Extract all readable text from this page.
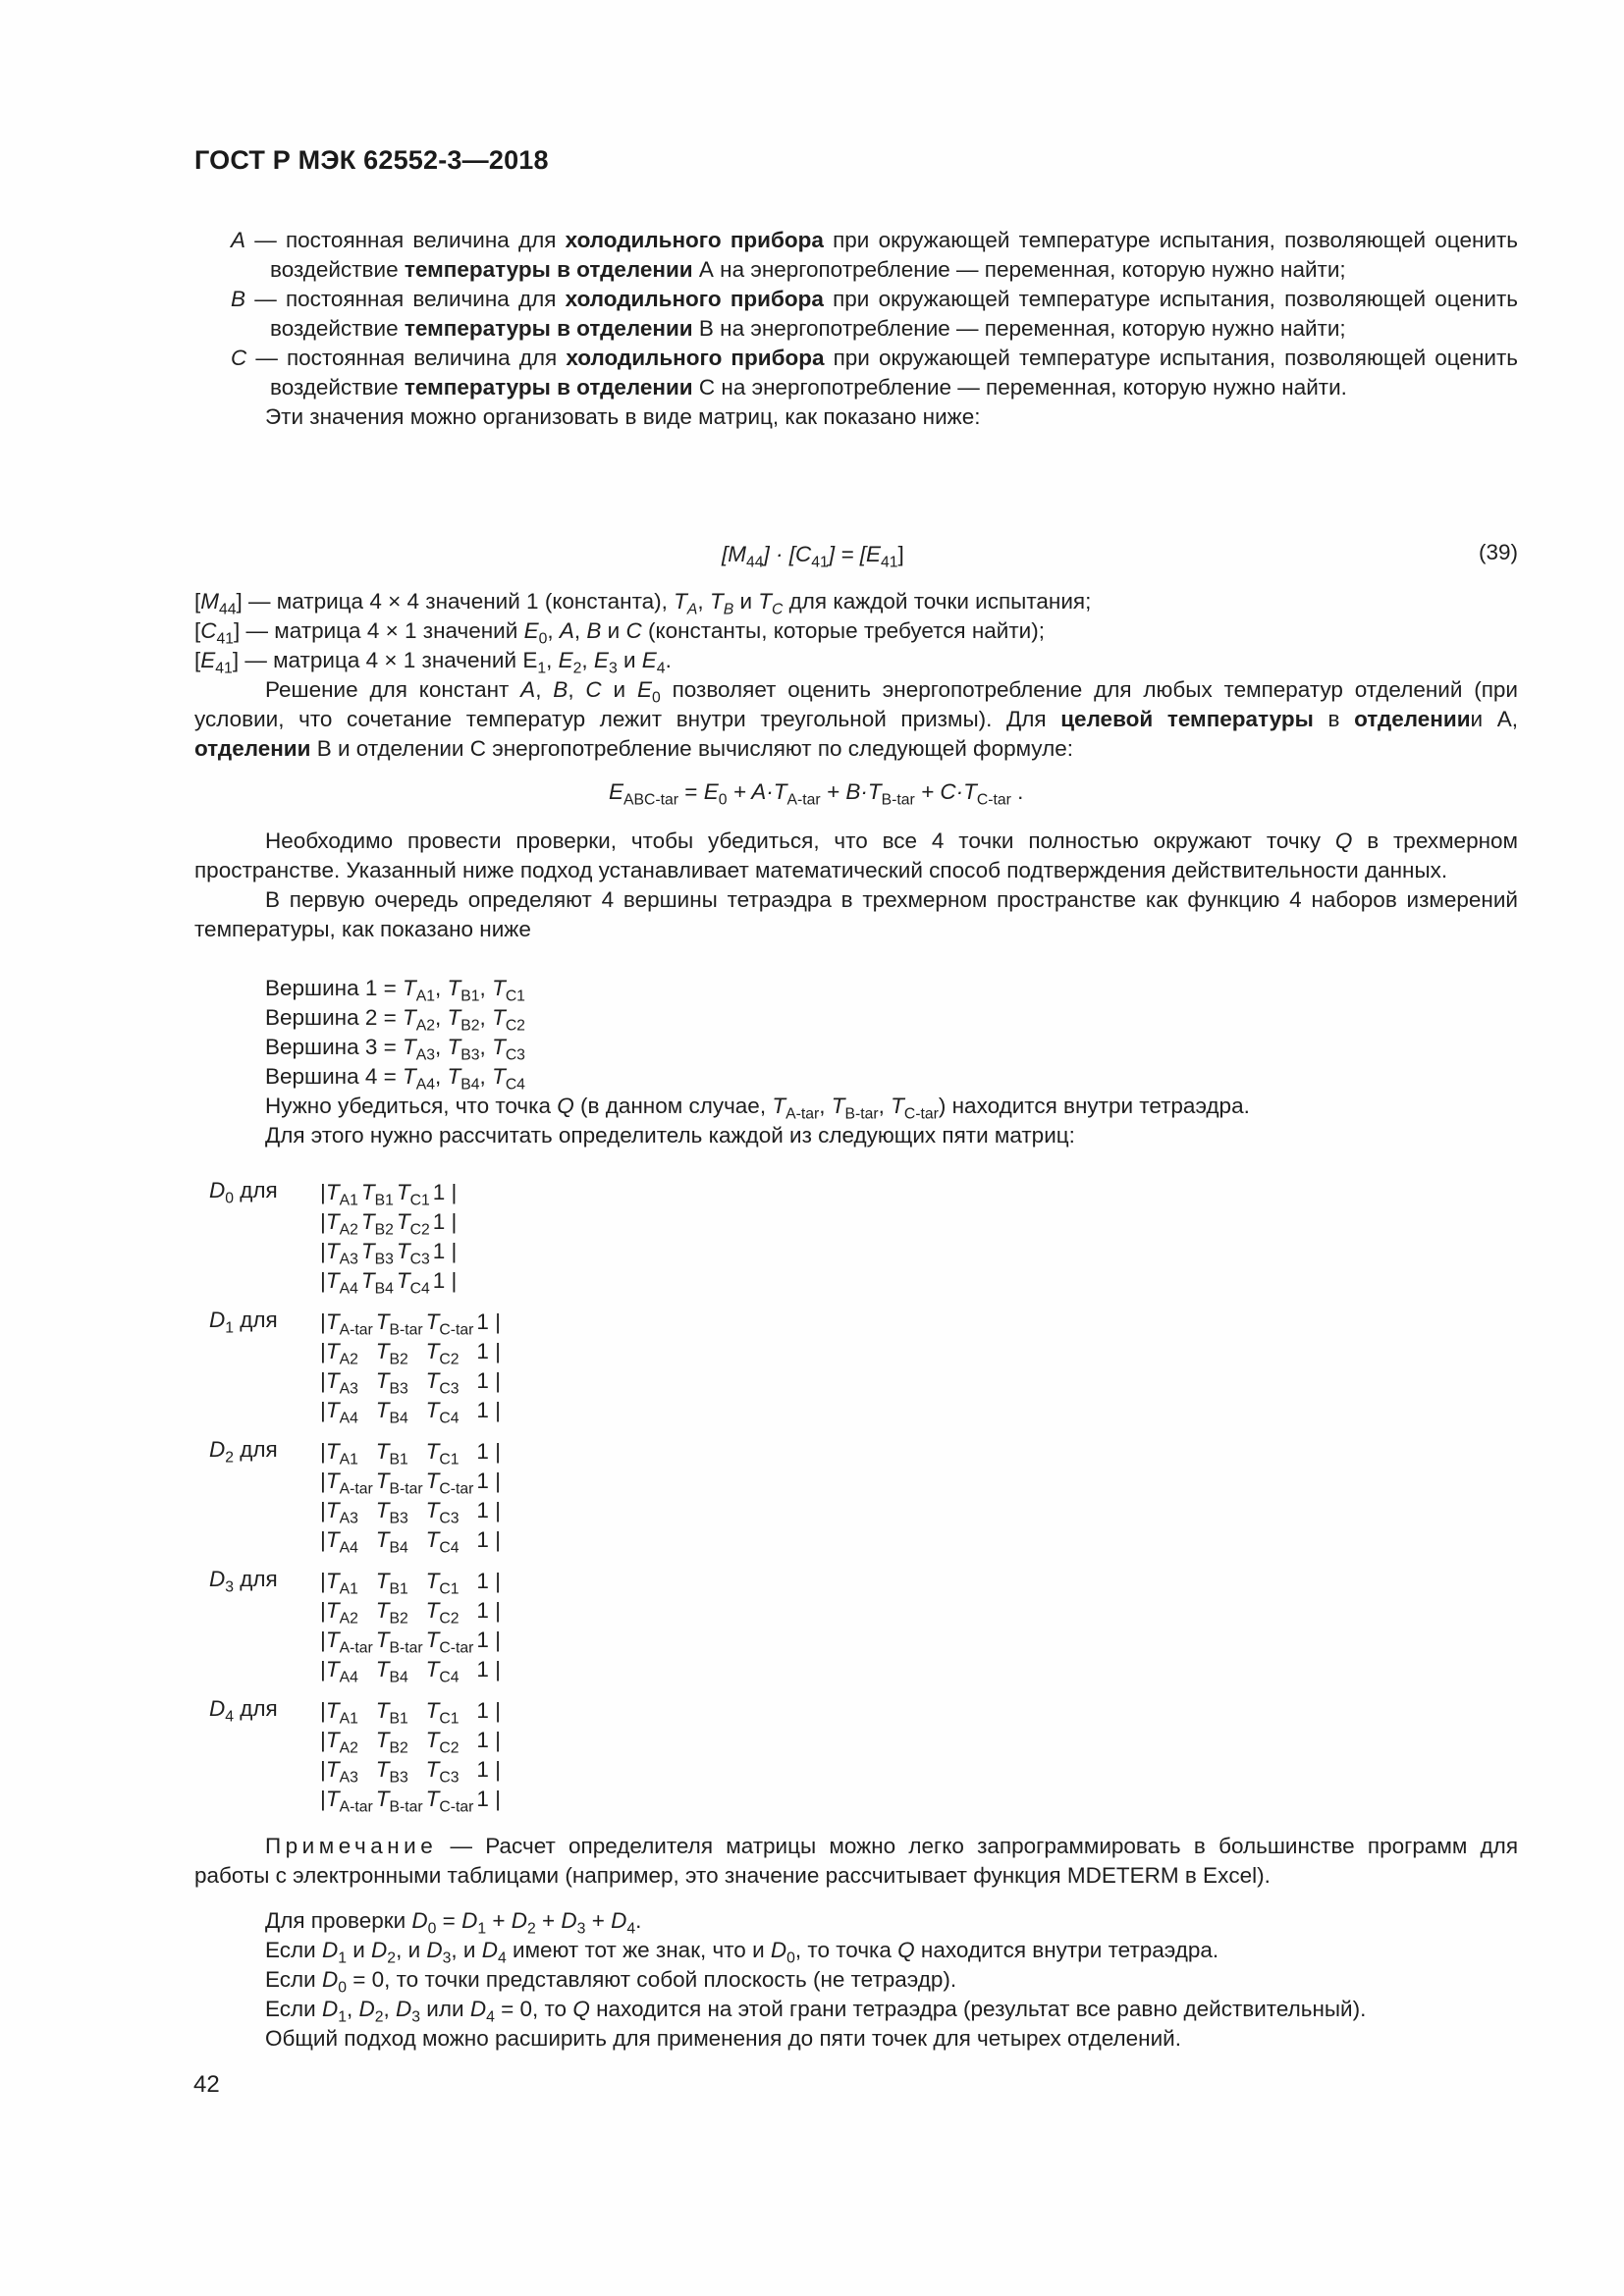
ГОСТ Р МЭК 62552-3—2018
A — постоянная величина для холодильного прибора при окружающей температуре испытания, позволяющей оценить воздействие температуры в отделении А на энергопотребление — переменная, которую нужно найти;
B — постоянная величина для холодильного прибора при окружающей температуре испытания, позволяющей оценить воздействие температуры в отделении В на энергопотребление — переменная, которую нужно найти;
C — постоянная величина для холодильного прибора при окружающей температуре испытания, позволяющей оценить воздействие температуры в отделении С на энергопотребление — переменная, которую нужно найти.
Эти значения можно организовать в виде матриц, как показано ниже:
$[M_{44}] \cdot [C_{41}] = [E_{41}]$	(39)
$[M_{44}]$ — матрица 4 × 4 значений 1 (константа), $T_A$, $T_B$ и $T_C$ для каждой точки испытания;
$[C_{41}]$ — матрица 4 × 1 значений $E_0$, A, B и C (константы, которые требуется найти);
$[E_{41}]$ — матрица 4 × 1 значений $E_1$, $E_2$, $E_3$ и $E_4$.
Решение для констант A, B, C и $E_0$ позволяет оценить энергопотребление для любых температур отделений (при условии, что сочетание температур лежит внутри треугольной призмы). Для целевой температуры в отделениии А, отделении В и отделении С энергопотребление вычисляют по следующей формуле:
$E_{ABC-tar} = E_0 + A\cdot T_{A-tar} + B\cdot T_{B-tar} + C\cdot T_{C-tar}$ .
Необходимо провести проверки, чтобы убедиться, что все 4 точки полностью окружают точку Q в трехмерном пространстве. Указанный ниже подход устанавливает математический способ подтверждения действительности данных.
В первую очередь определяют 4 вершины тетраэдра в трехмерном пространстве как функцию 4 наборов измерений температуры, как показано ниже
Вершина $1 = T_{A1}$, $T_{B1}$, $T_{C1}$
Вершина $2 = T_{A2}$, $T_{B2}$, $T_{C2}$
Вершина $3 = T_{A3}$, $T_{B3}$, $T_{C3}$
Вершина $4 = T_{A4}$, $T_{B4}$, $T_{C4}$
Нужно убедиться, что точка Q (в данном случае, $T_{A-tar}$, $T_{B-tar}$, $T_{C-tar}$) находится внутри тетраэдра.
Для этого нужно рассчитать определитель каждой из следующих пяти матриц:
$D_0$ для $|T_{A1}$	$T_{B1}$	$T_{C1}$	1 |
$|T_{A2}$	$T_{B2}$	$T_{C2}$	1 |
$|T_{A3}$	$T_{B3}$	$T_{C3}$	1 |
$|T_{A4}$	$T_{B4}$	$T_{C4}$	1 |
$D_1$ для $|T_{A-tar}$	$T_{B-tar}$	$T_{C-tar}$	1 |
$|T_{A2}$	$T_{B2}$	$T_{C2}$	1 |
$|T_{A3}$	$T_{B3}$	$T_{C3}$	1 |
$|T_{A4}$	$T_{B4}$	$T_{C4}$	1 |
$D_2$ для $|T_{A1}$	$T_{B1}$	$T_{C1}$	1 |
$|T_{A-tar}$	$T_{B-tar}$	$T_{C-tar}$	1 |
$|T_{A3}$	$T_{B3}$	$T_{C3}$	1 |
$|T_{A4}$	$T_{B4}$	$T_{C4}$	1 |
$D_3$ для $|T_{A1}$	$T_{B1}$	$T_{C1}$	1 |
$|T_{A2}$	$T_{B2}$	$T_{C2}$	1 |
$|T_{A-tar}$	$T_{B-tar}$	$T_{C-tar}$	1 |
$|T_{A4}$	$T_{B4}$	$T_{C4}$	1 |
$D_4$ для $|T_{A1}$	$T_{B1}$	$T_{C1}$	1 |
$|T_{A2}$	$T_{B2}$	$T_{C2}$	1 |
$|T_{A3}$	$T_{B3}$	$T_{C3}$	1 |
$|T_{A-tar}$	$T_{B-tar}$	$T_{C-tar}$	1 |
Примечание — Расчет определителя матрицы можно легко запрограммировать в большинстве программ для работы с электронными таблицами (например, это значение рассчитывает функция MDETERM в Excel).
Для проверки $D_0 = D_1 + D_2 + D_3 + D_4$.
Если $D_1$ и $D_2$, и $D_3$, и $D_4$ имеют тот же знак, что и $D_0$, то точка Q находится внутри тетраэдра.
Если $D_0 = 0$, то точки представляют собой плоскость (не тетраэдр).
Если $D_1$, $D_2$, $D_3$ или $D_4 = 0$, то Q находится на этой грани тетраэдра (результат все равно действительный).
Общий подход можно расширить для применения до пяти точек для четырех отделений.
42
